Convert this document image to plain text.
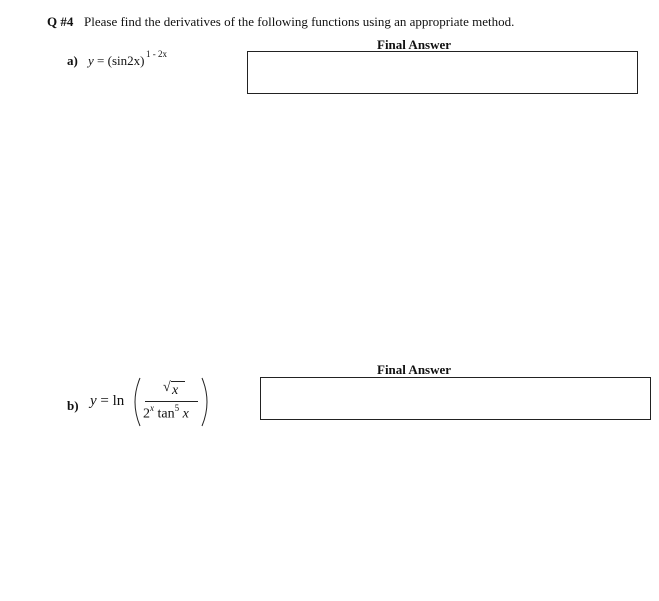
Q #4 Please find the derivatives of the following functions using an appropriate method.
Final Answer
a) y = (sin2x) 1 - 2x
Final Answer
b) y = ln
√ x
2$^x$ $\tan^5 x$
